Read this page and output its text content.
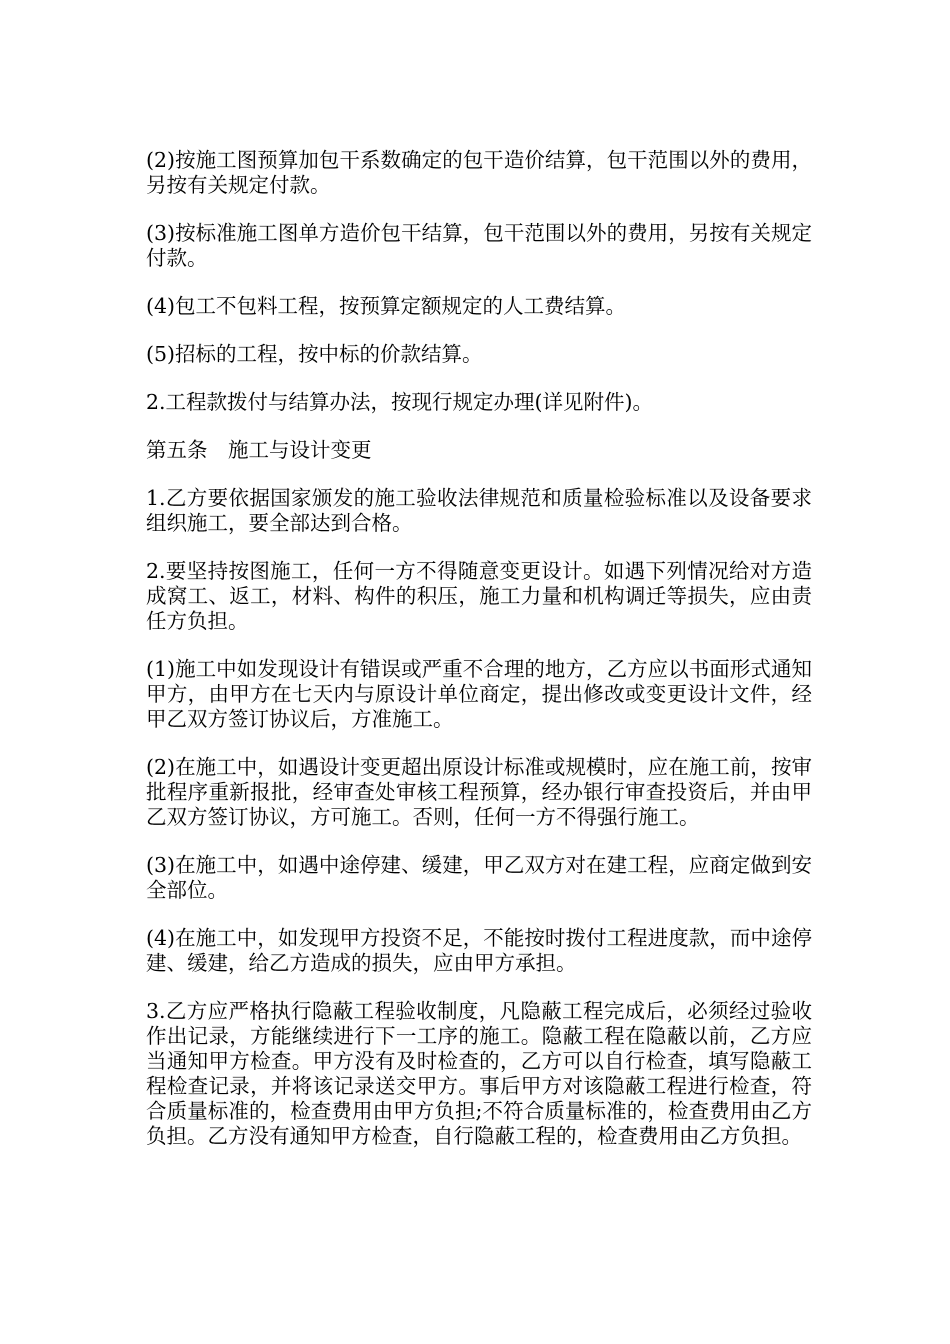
(2)按施工图预算加包干系数确定的包干造价结算，包干范围以外的费用， 另按有关规定付款。

(3)按标准施工图单方造价包干结算，包干范围以外的费用，另按有关规定付款。

(4)包工不包料工程，按预算定额规定的人工费结算。

(5)招标的工程，按中标的价款结算。

2.工程款拨付与结算办法，按现行规定办理(详见附件)。

第五条　施工与设计变更

1.乙方要依据国家颁发的施工验收法律规范和质量检验标准以及设备要求组织施工，要全部达到合格。

2.要坚持按图施工，任何一方不得随意变更设计。如遇下列情况给对方造成窝工、返工，材料、构件的积压，施工力量和机构调迁等损失，应由责任方负担。

(1)施工中如发现设计有错误或严重不合理的地方，乙方应以书面形式通知甲方，由甲方在七天内与原设计单位商定，提出修改或变更设计文件，经甲乙双方签订协议后，方准施工。

(2)在施工中，如遇设计变更超出原设计标准或规模时，应在施工前，按审批程序重新报批，经审查处审核工程预算，经办银行审查投资后，并由甲乙双方签订协议，方可施工。否则，任何一方不得强行施工。

(3)在施工中，如遇中途停建、缓建，甲乙双方对在建工程，应商定做到安全部位。

(4)在施工中，如发现甲方投资不足，不能按时拨付工程进度款，而中途停建、缓建，给乙方造成的损失，应由甲方承担。

3.乙方应严格执行隐蔽工程验收制度，凡隐蔽工程完成后，必须经过验收作出记录，方能继续进行下一工序的施工。隐蔽工程在隐蔽以前，乙方应当通知甲方检查。甲方没有及时检查的，乙方可以自行检查，填写隐蔽工程检查记录，并将该记录送交甲方。事后甲方对该隐蔽工程进行检查，符合质量标准的，检查费用由甲方负担;不符合质量标准的，检查费用由乙方负担。乙方没有通知甲方检查，自行隐蔽工程的，检查费用由乙方负担。
